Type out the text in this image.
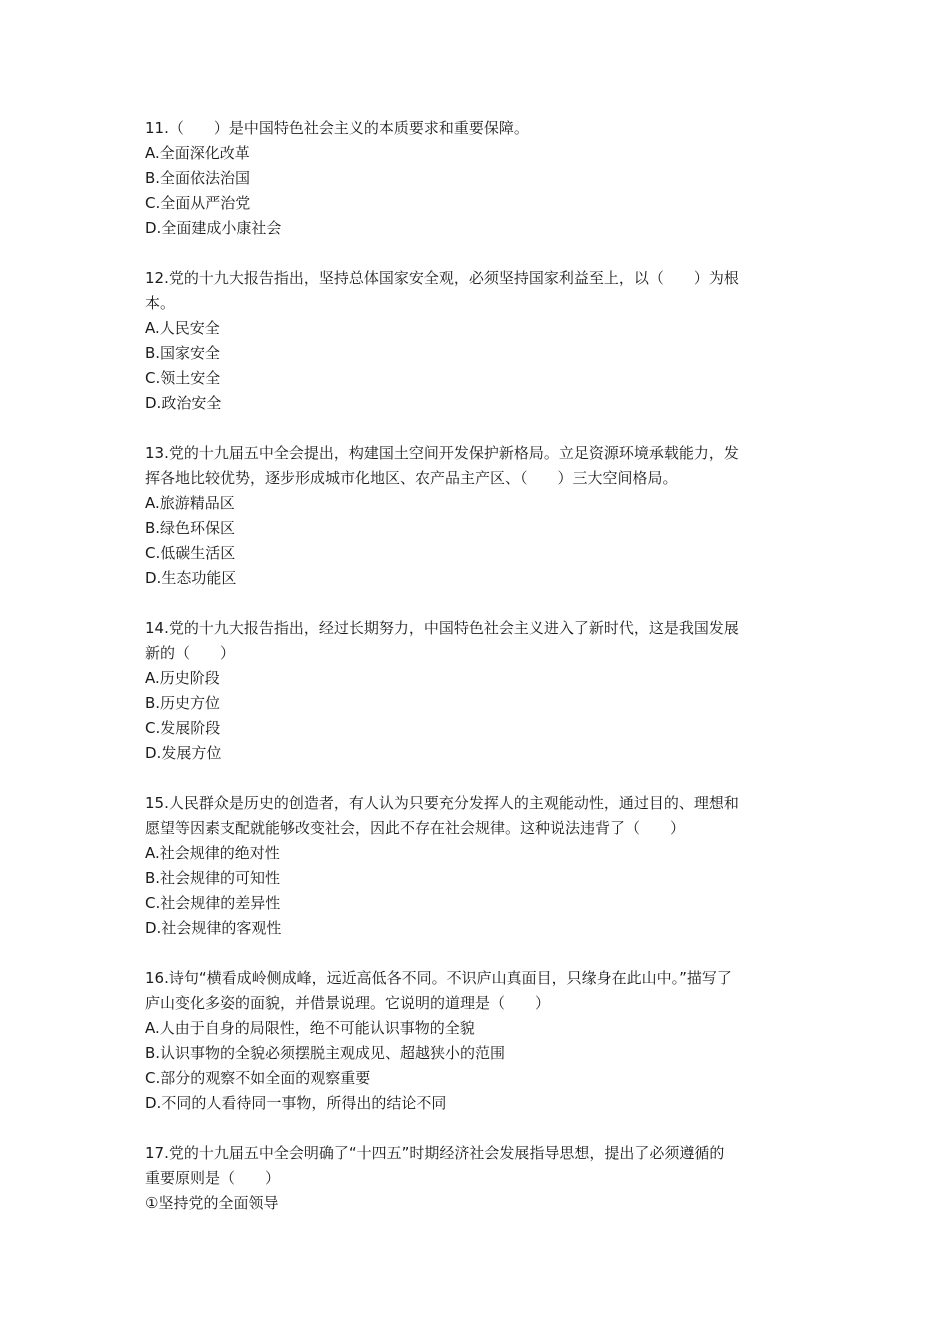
11.（　　）是中国特色社会主义的本质要求和重要保障。
A.全面深化改革
B.全面依法治国
C.全面从严治党
D.全面建成小康社会
12.党的十九大报告指出，坚持总体国家安全观，必须坚持国家利益至上，以（　　）为根
本。
A.人民安全
B.国家安全
C.领土安全
D.政治安全
13.党的十九届五中全会提出，构建国土空间开发保护新格局。立足资源环境承载能力，发
挥各地比较优势，逐步形成城市化地区、农产品主产区、（　　）三大空间格局。
A.旅游精品区
B.绿色环保区
C.低碳生活区
D.生态功能区
14.党的十九大报告指出，经过长期努力，中国特色社会主义进入了新时代，这是我国发展
新的（　　）
A.历史阶段
B.历史方位
C.发展阶段
D.发展方位
15.人民群众是历史的创造者，有人认为只要充分发挥人的主观能动性，通过目的、理想和
愿望等因素支配就能够改变社会，因此不存在社会规律。这种说法违背了（　　）
A.社会规律的绝对性
B.社会规律的可知性
C.社会规律的差异性
D.社会规律的客观性
16.诗句“横看成岭侧成峰，远近高低各不同。不识庐山真面目，只缘身在此山中。”描写了
庐山变化多姿的面貌，并借景说理。它说明的道理是（　　）
A.人由于自身的局限性，绝不可能认识事物的全貌
B.认识事物的全貌必须摆脱主观成见、超越狭小的范围
C.部分的观察不如全面的观察重要
D.不同的人看待同一事物，所得出的结论不同
17.党的十九届五中全会明确了“十四五”时期经济社会发展指导思想，提出了必须遵循的
重要原则是（　　）
①坚持党的全面领导
